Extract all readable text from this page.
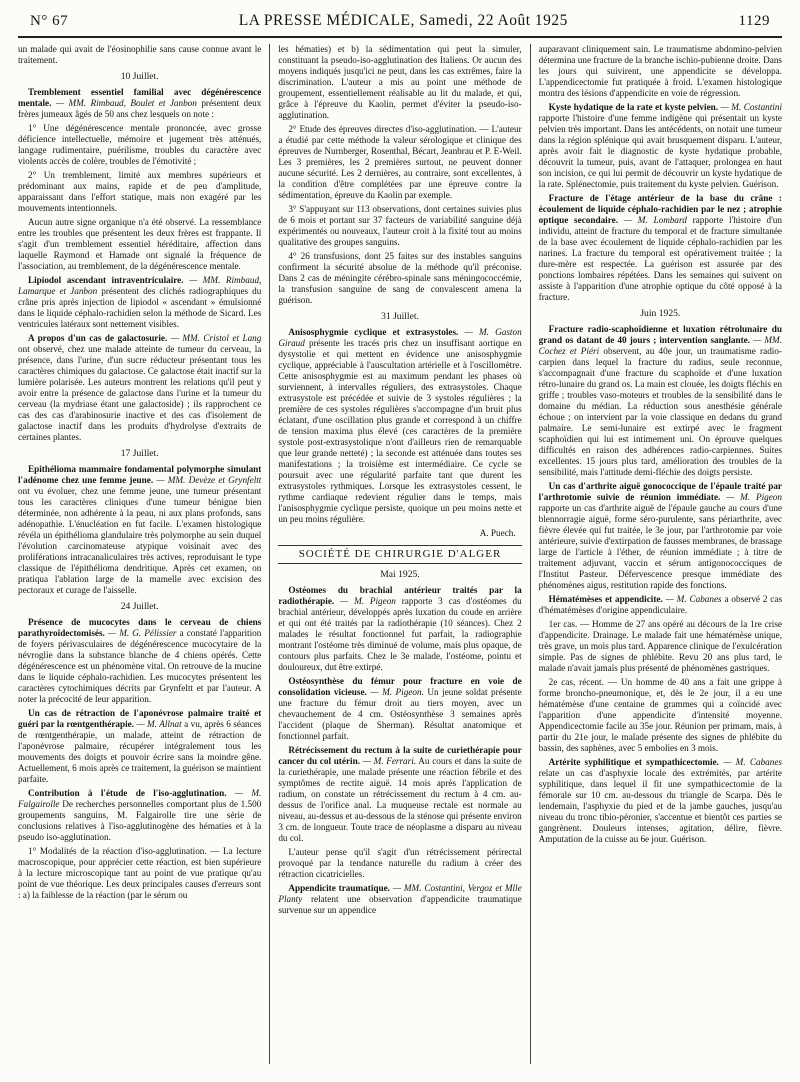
N° 67	LA PRESSE MÉDICALE, Samedi, 22 Août 1925	1129

un malade qui avait de l'éosinophilie sans cause connue avant le traitement.

10 Juillet.

Tremblement essentiel familial avec dégénérescence mentale. — MM. Rimbaud, Boulet et Janbon présentent deux frères jumeaux âgés de 50 ans chez lesquels on note :

1° Une dégénérescence mentale prononcée, avec grosse déficience intellectuelle, mémoire et jugement très atténués, langage rudimentaire, puérilisme, troubles du caractère avec violents accès de colère, troubles de l'émotivité ;

2° Un tremblement, limité aux membres supérieurs et prédominant aux mains, rapide et de peu d'amplitude, apparaissant dans l'effort statique, mais non exagéré par les mouvements intentionnels.

Aucun autre signe organique n'a été observé. La ressemblance entre les troubles que présentent les deux frères est frappante. Il s'agit d'un tremblement essentiel héréditaire, affection dans laquelle Raymond et Hamade ont signalé la fréquence de l'association, au tremblement, de la dégénérescence mentale.

Lipiodol ascendant intraventriculaire. — MM. Rimbaud, Lamarque et Janbon présentent des clichés radiographiques du crâne pris après injection de lipiodol « ascendant » émulsionné dans le liquide céphalo-rachidien selon la méthode de Sicard. Les ventricules latéraux sont nettement visibles.

A propos d'un cas de galactosurie. — MM. Cristol et Lang ont observé, chez une malade atteinte de tumeur du cerveau, la présence, dans l'urine, d'un sucre réducteur présentant tous les caractères chimiques du galactose. Ce galactose était inactif sur la lumière polarisée. Les auteurs montrent les relations qu'il peut y avoir entre la présence de galactose dans l'urine et la tumeur du cerveau (la mydriase étant une galactoside) ; ils rapprochent ce cas des cas d'arabinosurie inactive et des cas d'isolement de galactose inactif dans les produits d'hydrolyse d'extraits de certaines plantes.

17 Juillet.

Epithélioma mammaire fondamental polymorphe simulant l'adénome chez une femme jeune. — MM. Devèze et Grynfeltt ont vu évoluer, chez une femme jeune, une tumeur présentant tous les caractères cliniques d'une tumeur bénigne bien déterminée, non adhérente à la peau, ni aux plans profonds, sans adénopathie. L'énucléation en fut facile. L'examen histologique révéla un épithélioma glandulaire très polymorphe au sein duquel l'évolution carcinomateuse atypique voisinait avec des proliférations intracanaliculaires très actives, reproduisant le type classique de l'épithélioma dendritique. Après cet examen, on pratiqua l'ablation large de la mamelle avec excision des pectoraux et curage de l'aisselle.

24 Juillet.

Présence de mucocytes dans le cerveau de chiens parathyroïdectomisés. — M. G. Pélissier a constaté l'apparition de foyers périvasculaires de dégénérescence mucocytaire de la névroglie dans la substance blanche de 4 chiens opérés. Cette dégénérescence est un phénomène vital. On retrouve de la mucine dans le liquide céphalo-rachidien. Les mucocytes présentent les caractères cytochimiques décrits par Grynfeltt et par l'auteur. A noter la précocité de leur apparition.

Un cas de rétraction de l'aponévrose palmaire traité et guéri par la rœntgenthérapie. — M. Allnat a vu, après 6 séances de rœntgenthérapie, un malade, atteint de rétraction de l'aponévrose palmaire, récupérer intégralement tous les mouvements des doigts et pouvoir écrire sans la moindre gêne. Actuellement, 6 mois après ce traitement, la guérison se maintient parfaite.

Contribution à l'étude de l'iso-agglutination. — M. Falgairolle De recherches personnelles comportant plus de 1.500 groupements sanguins, M. Falgairolle tire une série de conclusions relatives à l'iso-agglutinogène des hématies et à la pseudo iso-agglutination.

1° Modalités de la réaction d'iso-agglutination. — La lecture macroscopique, pour apprécier cette réaction, est bien supérieure à la lecture microscopique tant au point de vue pratique qu'au point de vue théorique. Les deux principales causes d'erreurs sont : a) la faiblesse de la réaction (par le sérum ou

les hématies) et b) la sédimentation qui peut la simuler, constituant la pseudo-iso-agglutination des Italiens. Or aucun des moyens indiqués jusqu'ici ne peut, dans les cas extrêmes, faire la discrimination. L'auteur a mis au point une méthode de groupement, essentiellement réalisable au lit du malade, et qui, grâce à l'épreuve du Kaolin, permet d'éviter la pseudo-iso-agglutination.

2° Etude des épreuves directes d'iso-agglutination. — L'auteur a étudié par cette méthode la valeur sérologique et clinique des épreuves de Nurnberger, Rosenthal, Bécart, Jeanbrau et P. E-Weil. Les 3 premières, les 2 premières surtout, ne peuvent donner aucune sécurité. Les 2 dernières, au contraire, sont excellentes, à la condition d'être complétées par une épreuve contre la sédimentation, épreuve du Kaolin par exemple.

3° S'appuyant sur 113 observations, dont certaines suivies plus de 6 mois et portant sur 37 facteurs de variabilité sanguine déjà expérimentés ou nouveaux, l'auteur croit à la fixité tout au moins qualitative des groupes sanguins.

4° 26 transfusions, dont 25 faites sur des instables sanguins confirment la sécurité absolue de la méthode qu'il préconise. Dans 2 cas de méningite cérébro-spinale sans méningococcémie, la transfusion sanguine de sang de convalescent amena la guérison.

31 Juillet.

Anisosphygmie cyclique et extrasystoles. — M. Gaston Giraud présente les tracés pris chez un insuffisant aortique en dysystolie et qui mettent en évidence une anisosphygmie cyclique, appréciable à l'auscultation artérielle et à l'oscillomètre. Cette anisosphygmie est au maximum pendant les phases où surviennent, à intervalles réguliers, des extrasystoles. Chaque extrasystole est précédée et suivie de 3 systoles régulières ; la première de ces systoles régulières s'accompagne d'un bruit plus éclatant, d'une oscillation plus grande et correspond à un chiffre de tension maxima plus élevé (ces caractères de la première systole post-extrasystolique n'ont d'ailleurs rien de remarquable que leur grande netteté) ; la seconde est atténuée dans toutes ses manifestations ; la troisième est intermédiaire. Ce cycle se poursuit avec une régularité parfaite tant que durent les extrasystoles rythmiques. Lorsque les extrasystoles cessent, le rythme cardiaque redevient régulier dans le temps, mais l'anisosphygmie cyclique persiste, quoique un peu moins nette et un peu moins régulière.

A. Puech.
SOCIÉTÉ DE CHIRURGIE D'ALGER
Mai 1925.

Ostéomes du brachial antérieur traités par la radiothérapie. — M. Pigeon rapporte 3 cas d'ostéomes du brachial antérieur, développés après luxation du coude en arrière et qui ont été traités par la radiothérapie (10 séances). Chez 2 malades le résultat fonctionnel fut parfait, la radiographie montrant l'ostéome très diminué de volume, mais plus opaque, de contours plus parfaits. Chez le 3e malade, l'ostéome, pointu et douloureux, dut être extirpé.

Ostéosynthèse du fémur pour fracture en voie de consolidation vicieuse. — M. Pigeon. Un jeune soldat présente une fracture du fémur droit au tiers moyen, avec un chevauchement de 4 cm. Ostéosynthèse 3 semaines après l'accident (plaque de Sherman). Résultat anatomique et fonctionnel parfait.

Rétrécissement du rectum à la suite de curiethérapie pour cancer du col utérin. — M. Ferrari. Au cours et dans la suite de la curiethérapie, une malade présente une réaction fébrile et des symptômes de rectite aiguë. 14 mois après l'application de radium, on constate un rétrécissement du rectum à 4 cm. au-dessus de l'orifice anal. La muqueuse rectale est normale au niveau, au-dessus et au-dessous de la sténose qui présente environ 3 cm. de longueur. Toute trace de néoplasme a disparu au niveau du col.

L'auteur pense qu'il s'agit d'un rétrécissement périrectal provoqué par la tendance naturelle du radium à créer des rétraction cicatricielles.

Appendicite traumatique. — MM. Costantini, Vergoz et Mlle Planty relatent une observation d'appendicite traumatique survenue sur un appendice

auparavant cliniquement sain. Le traumatisme abdomino-pelvien détermina une fracture de la branche ischio-pubienne droite. Dans les jours qui suivirent, une appendicite se développa. L'appendicectomie fut pratiquée à froid. L'examen histologique montra des lésions d'appendicite en voie de régression.

Kyste hydatique de la rate et kyste pelvien. — M. Costantini rapporte l'histoire d'une femme indigène qui présentait un kyste pelvien très important. Dans les antécédents, on notait une tumeur dans la région splénique qui avait brusquement disparu. L'auteur, après avoir fait le diagnostic de kyste hydatique probable, découvrit la tumeur, puis, avant de l'attaquer, prolongea en haut son incision, ce qui lui permit de découvrir un kyste hydatique de la rate. Splénectomie, puis traitement du kyste pelvien. Guérison.

Fracture de l'étage antérieur de la base du crâne : écoulement de liquide céphalo-rachidien par le nez ; atrophie optique secondaire. — M. Lombard rapporte l'histoire d'un individu, atteint de fracture du temporal et de fracture simultanée de la base avec écoulement de liquide céphalo-rachidien par les narines. La fracture du temporal est opérativement traitée ; la dure-mère est respectée. La guérison est assurée par des ponctions lombaires répétées. Dans les semaines qui suivent on assiste à l'apparition d'une atrophie optique du côté opposé à la fracture.

Juin 1925.

Fracture radio-scaphoïdienne et luxation rétrolunaire du grand os datant de 40 jours ; intervention sanglante. — MM. Cochez et Piéri observent, au 40e jour, un traumatisme radio-carpien dans lequel la fracture du radius, seule reconnue, s'accompagnait d'une fracture du scaphoïde et d'une luxation rétro-lunaire du grand os. La main est clouée, les doigts fléchis en griffe ; troubles vaso-moteurs et troubles de la sensibilité dans le domaine du médian. La réduction sous anesthésie générale échoue ; on intervient par la voie classique en dedans du grand palmaire. Le semi-lunaire est extirpé avec le fragment scaphoïdien qui lui est intimement uni. On éprouve quelques difficultés en raison des adhérences radio-carpiennes. Suites excellentes. 15 jours plus tard, amélioration des troubles de la sensibilité, mais l'attitude demi-fléchie des doigts persiste.

Un cas d'arthrite aiguë gonococcique de l'épaule traité par l'arthrotomie suivie de réunion immédiate. — M. Pigeon rapporte un cas d'arthrite aiguë de l'épaule gauche au cours d'une blennorragie aiguë, forme séro-purulente, sans périarthrite, avec fièvre élevée qui fut traitée, le 3e jour, par l'arthrotomie par voie antérieure, suivie d'extirpation de fausses membranes, de brassage large de l'article à l'éther, de réunion immédiate ; à titre de traitement adjuvant, vaccin et sérum antigonococciques de l'Institut Pasteur. Défervescence presque immédiate des phénomènes aigus, restitution rapide des fonctions.

Hématémèses et appendicite. — M. Cabanes a observé 2 cas d'hématémèses d'origine appendiculaire.

1er cas. — Homme de 27 ans opéré au décours de la 1re crise d'appendicite. Drainage. Le malade fait une hématémèse unique, très grave, un mois plus tard. Apparence clinique de l'exulcération simple. Pas de signes de phlébite. Revu 20 ans plus tard, le malade n'avait jamais plus présenté de phénomènes gastriques.

2e cas, récent. — Un homme de 40 ans a fait une grippe à forme broncho-pneumonique, et, dès le 2e jour, il a eu une hématémèse d'une centaine de grammes qui a coïncidé avec l'apparition d'une appendicite d'intensité moyenne. Appendicectomie facile au 35e jour. Réunion per primam, mais, à partir du 21e jour, le malade présente des signes de phlébite du bassin, des saphènes, avec 5 embolies en 3 mois.

Artérite syphilitique et sympathicectomie. — M. Cabanes relate un cas d'asphyxie locale des extrémités, par artérite syphilitique, dans lequel il fit une sympathicectomie de la fémorale sur 10 cm. au-dessous du triangle de Scarpa. Dès le lendemain, l'asphyxie du pied et de la jambe gauches, jusqu'au niveau du tronc tibio-péronier, s'accentue et bientôt ces parties se gangrènent. Douleurs intenses, agitation, délire, fièvre. Amputation de la cuisse au 6e jour. Guérison.
